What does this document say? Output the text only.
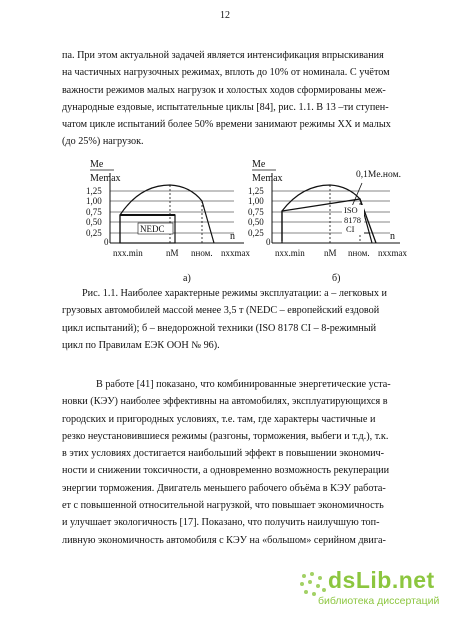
12

па. При этом актуальной задачей является интенсификация впрыскивания
на частичных нагрузочных режимах, вплоть до 10% от номинала. С учётом
важности режимов малых нагрузок и холостых ходов сформированы меж-
дународные ездовые, испытательные циклы [84], рис. 1.1. В 13 –ти ступен-
чатом цикле испытаний более 50% времени занимают режимы ХХ и малых
(до 25%) нагрузок.

Me
Memax
1,25
1,00
0,75
0,50
0,25
0	n
NEDC
nxx.min	nM nном. nxxmax
а)
Me
Memax
1,25
1,00
0,75
0,50
0,25
0	n
ISO
8178
CI
0,1Mе.ном.
nxx.min nM nном. nxxmax
б)

Рис. 1.1. Наиболее характерные режимы эксплуатации: а – легковых и
грузовых автомобилей массой менее 3,5 т (NEDC – европейский ездовой
цикл испытаний); б – внедорожной техники (ISO 8178 CI – 8-режимный
цикл по Правилам ЕЭК ООН № 96).

В работе [41] показано, что комбинированные энергетические уста-
новки (КЭУ) наиболее эффективны на автомобилях, эксплуатирующихся в
городских и пригородных условиях, т.е. там, где характеры частичные и
резко неустановившиеся режимы (разгоны, торможения, выбеги и т.д.), т.к.
в этих условиях достигается наибольший эффект в повышении экономич-
ности и снижении токсичности, а одновременно возможность рекуперации
энергии торможения. Двигатель меньшего рабочего объёма в КЭУ работа-
ет с повышенной относительной нагрузкой, что повышает экономичность
и улучшает экологичность [17]. Показано, что получить наилучшую топ-
ливную экономичность автомобиля с КЭУ на «большом» серийном двига-

dsLib.net
библиотека диссертаций
